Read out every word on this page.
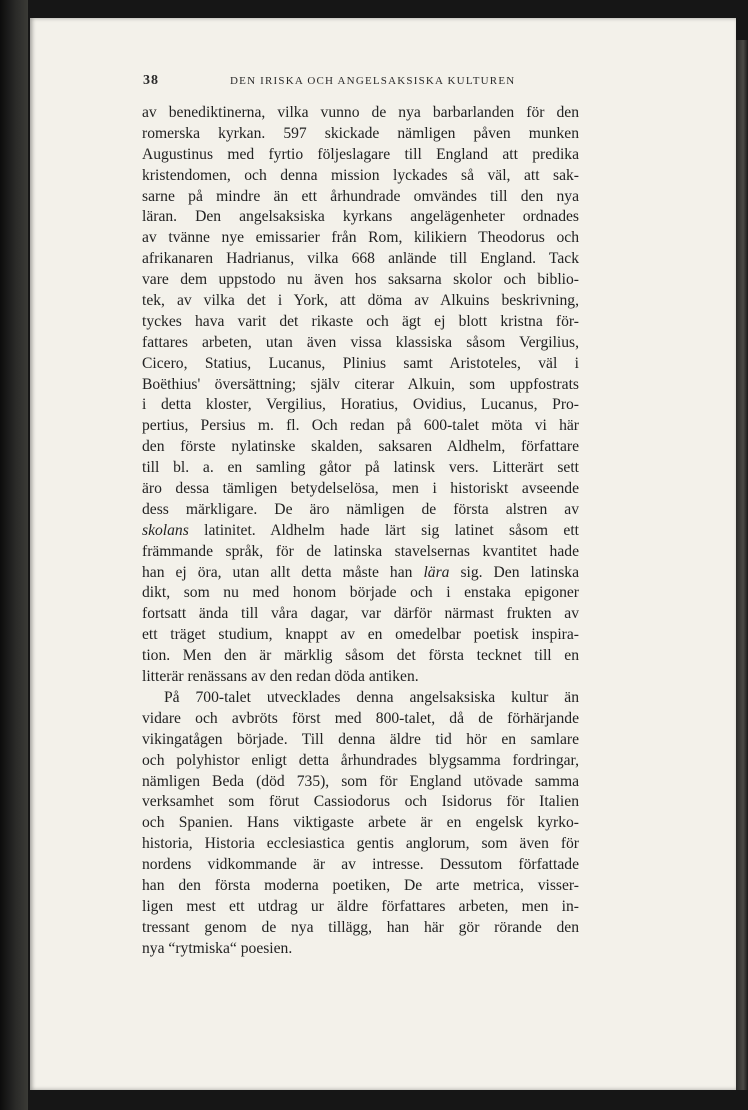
38	DEN IRISKA OCH ANGELSAKSISKA KULTUREN
av benediktinerna, vilka vunno de nya barbarlanden för den
romerska kyrkan. 597 skickade nämligen påven munken
Augustinus med fyrtio följeslagare till England att predika
kristendomen, och denna mission lyckades så väl, att sak-
sarne på mindre än ett århundrade omvändes till den nya
läran. Den angelsaksiska kyrkans angelägenheter ordnades
av tvänne nye emissarier från Rom, kilikiern Theodorus och
afrikanaren Hadrianus, vilka 668 anlände till England. Tack
vare dem uppstodo nu även hos saksarna skolor och biblio-
tek, av vilka det i York, att döma av Alkuins beskrivning,
tyckes hava varit det rikaste och ägt ej blott kristna för-
fattares arbeten, utan även vissa klassiska såsom Vergilius,
Cicero, Statius, Lucanus, Plinius samt Aristoteles, väl i
Boëthius' översättning; själv citerar Alkuin, som uppfostrats
i detta kloster, Vergilius, Horatius, Ovidius, Lucanus, Pro-
pertius, Persius m. fl. Och redan på 600-talet möta vi här
den förste nylatinske skalden, saksaren Aldhelm, författare
till bl. a. en samling gåtor på latinsk vers. Litterärt sett
äro dessa tämligen betydelselösa, men i historiskt avseende
dess märkligare. De äro nämligen de första alstren av
skolans latinitet. Aldhelm hade lärt sig latinet såsom ett
främmande språk, för de latinska stavelsernas kvantitet hade
han ej öra, utan allt detta måste han lära sig. Den latinska
dikt, som nu med honom började och i enstaka epigoner
fortsatt ända till våra dagar, var därför närmast frukten av
ett träget studium, knappt av en omedelbar poetisk inspira-
tion. Men den är märklig såsom det första tecknet till en
litterär renässans av den redan döda antiken.
På 700-talet utvecklades denna angelsaksiska kultur än
vidare och avbröts först med 800-talet, då de förhärjande
vikingatågen började. Till denna äldre tid hör en samlare
och polyhistor enligt detta århundrades blygsamma fordringar,
nämligen Beda (död 735), som för England utövade samma
verksamhet som förut Cassiodorus och Isidorus för Italien
och Spanien. Hans viktigaste arbete är en engelsk kyrko-
historia, Historia ecclesiastica gentis anglorum, som även för
nordens vidkommande är av intresse. Dessutom författade
han den första moderna poetiken, De arte metrica, visser-
ligen mest ett utdrag ur äldre författares arbeten, men in-
tressant genom de nya tillägg, han här gör rörande den
nya “rytmiska“ poesien.
